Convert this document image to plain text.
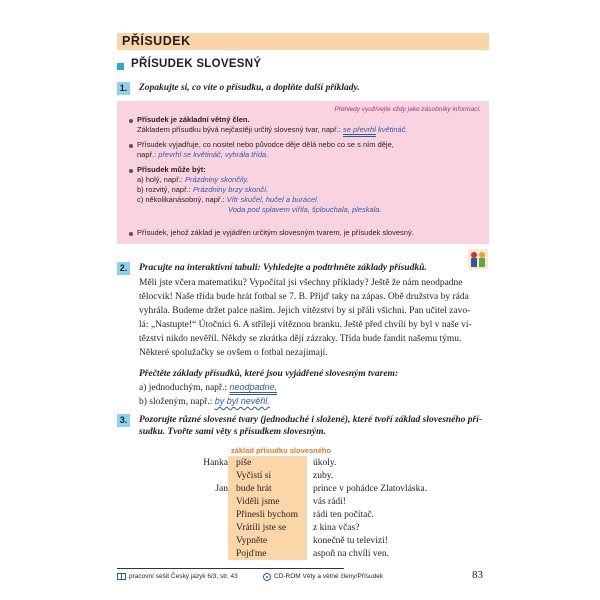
PŘÍSUDEK
PŘÍSUDEK SLOVESNÝ
1. Zopakujte si, co víte o přísudku, a doplňte další příklady.
Přehledy využívejte vždy jako zásobníky informací.
Přísudek je základní větný člen.
Základem přísudku bývá nejčastěji určitý slovesný tvar, např.: se převrhl květináč.
Přísudek vyjadřuje, co nositel nebo původce děje dělá nebo co se s ním děje,
např.: převrhl se květináč, vyhrála třída.
Přísudek může být:
a) holý, např.: Prázdniny skončily.
b) rozvitý, např.: Prázdniny brzy skončí.
c) několikanásobný, např.: Vítr skučel, hučel a burácel.
Voda pod splavem vířila, šplouchala, pleskala.
Přísudek, jehož základ je vyjádřen určitým slovesným tvarem, je přísudek slovesný.
2. Pracujte na interaktivní tabuli: Vyhledejte a podtrhněte základy přísudků.
Měli jste včera matematiku? Vypočítal jsi všechny příklady? Ještě že nám neodpadne
tělocvik! Naše třída bude hrát fotbal se 7. B. Přijď taky na zápas. Obě družstva by ráda
vyhrála. Budeme držet palce našim. Jejich vítězství by si přáli všichni. Pan učitel zavo-
lá: „Nastupte!“ Útočníci 6. A střílejí vítěznou branku. Ještě před chvílí by byl v naše ví-
tězství nikdo nevěřil. Někdy se zkrátka dějí zázraky. Třída bude fandit našemu týmu.
Některé spolužačky se ovšem o fotbal nezajímají.
Přečtěte základy přísudků, které jsou vyjádřené slovesným tvarem:
a) jednoduchým, např.: neodpadne,
b) složeným, např.: by byl nevěřil.
3. Pozorujte různé slovesné tvary (jednoduché i složené), které tvoří základ slovesného pří-
sudku. Tvořte sami věty s přísudkem slovesným.
základ přísudku slovesného
Hanka
Jan
píše
Vyčistí si
bude hrát
Viděli jsme
Přinesli bychom
Vrátili jste se
Vypněte
Pojďme
úkoly.
zuby.
prince v pohádce Zlatovláska.
vás rádi!
rádi ten počítač.
z kina včas?
konečně tu televizi!
aspoň na chvíli ven.
pracovní sešit Český jazyk 6/3, str. 43	CD-ROM Věty a větné členy/Přísudek	83
